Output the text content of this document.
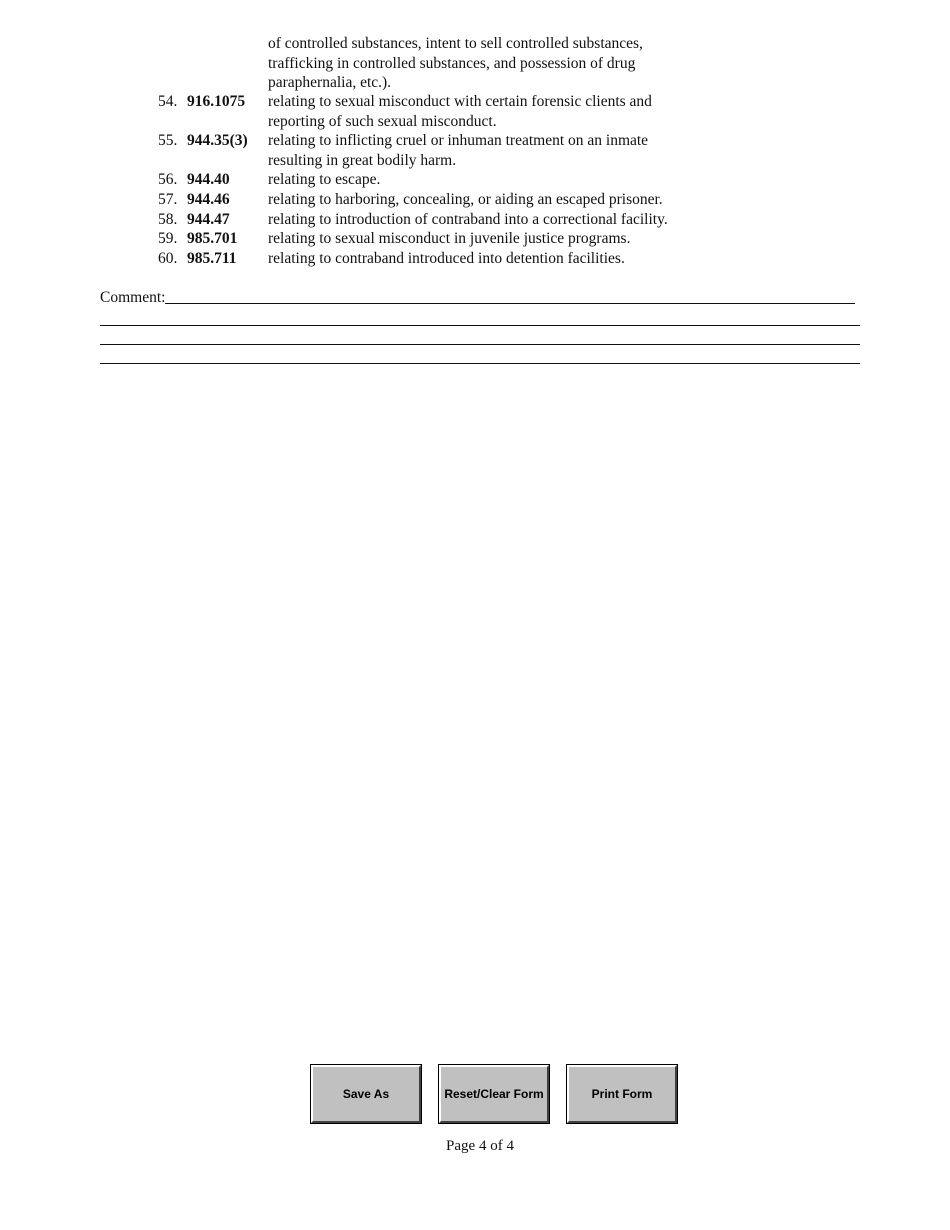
of controlled substances, intent to sell controlled substances,
trafficking in controlled substances, and possession of drug
paraphernalia, etc.).
54. 916.1075	relating to sexual misconduct with certain forensic clients and
reporting of such sexual misconduct.
55. 944.35(3)	relating to inflicting cruel or inhuman treatment on an inmate
resulting in great bodily harm.
56. 944.40	relating to escape.
57. 944.46	relating to harboring, concealing, or aiding an escaped prisoner.
58. 944.47	relating to introduction of contraband into a correctional facility.
59. 985.701	relating to sexual misconduct in juvenile justice programs.
60. 985.711	relating to contraband introduced into detention facilities.
Comment:
Save As	Reset/Clear Form	Print Form
Page 4 of 4
